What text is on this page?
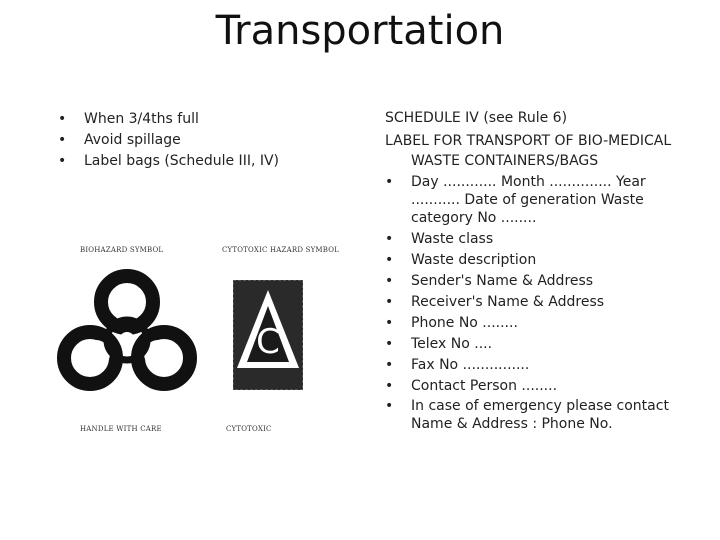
Transportation
• When 3/4ths full
• Avoid spillage
• Label bags (Schedule III, IV)
BIOHAZARD SYMBOL
HANDLE WITH CARE
CYTOTOXIC HAZARD SYMBOL
C
CYTOTOXIC
SCHEDULE IV (see Rule 6)
LABEL FOR TRANSPORT OF BIO-MEDICAL
WASTE CONTAINERS/BAGS
• Day ............ Month .............. Year
........... Date of generation Waste
category No ........
• Waste class
• Waste description
• Sender's Name & Address
• Receiver's Name & Address
• Phone No ........
• Telex No ....
• Fax No ...............
• Contact Person ........
• In case of emergency please contact
Name & Address : Phone No.
